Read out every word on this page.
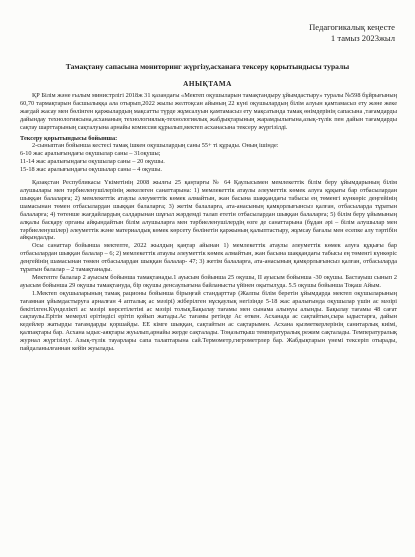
Педагогикалық кеңесте
1 тамыз 2023жыл
Тамақтану сапасына мониторинг жүргізу,асханаға тексеру қорытындысы туралы
АНЫҚТАМА

ҚР Білім және ғылым министрлігі 2018ж 31 қазандағы «Мектеп оқушыларын тамақтандыру ұйымдастыру» туралы №598 бұйрығының 60,70 тармақтарын басшылыққа ала отырып,2022 жылы желтоқсан айының 22 күні оқушылардың білім алуын қамтамасыз ету және жеке жағдай жасау мен бөлінген қаржылардың мақсатты түрде жұмсалуын қамтамасыз ету мақсатында тамақ өнімдерінің сапасына ,тағамдарды дайындау технологиясына,асхананың технологиялық-технологиялық жабдықтарының жарамдылығына,азық-түлік пен дайын тағамдарды сақтау шарттарының сақталуына арнайы комиссия құрылып,мектеп асханасына тексеру жүргізілді.

Тексеру қорытындысы бойынша:

2-сыныптан бойынша кестесі тамақ ішкен оқушылардың саны 55+ ті құрады. Оның ішінде:

6-10 жас аралығындағы оқушылар саны – 31оқушы;

11-14 жас аралығындағы оқушылар саны – 20 оқушы.

15-18 жас аралығындағы оқушылар саны – 4 оқушы.

Қазақстан Республикасы Үкіметінің 2008 жылғы 25 қаңтарғы № 64 Қаулысымен мемлекеттік білім беру ұйымдарының білім алушылары мен тәрбиеленушілерінің жекелеген санаттарына: 1) мемлекеттік атаулы әлеуметтік көмек алуға құқығы бар отбасылардан шыққан балаларға; 2) мемлекеттік атаулы әлеуметтік көмек алмайтын, жан басына шаққандағы табысы ең төменгі күнкөріс деңгейінің шамасынан төмен отбасылардан шыққан балаларға; 3) жетім балаларға, ата-анасының қамқорлығынсыз қалған, отбасыларда тұратын балаларға; 4) төтенше жағдайлардың салдарынан шұғыл жәрдемді талап ететін отбасылардан шыққан балаларға; 5) білім беру ұйымының алқалы басқару органы айқындайтын білім алушыларға мен тәрбиеленушілердің өзге де санаттарына (бұдан әрі – білім алушылар мен тәрбиеленушілер) әлеуметтік және материалдық көмек көрсету бөлінетін қаржының қалыптастыру, жұмсау бағалы мен есепке алу тәртібін айқындалды.

Осы санаттар бойынша мектепте, 2022 жылдың қаңтар айынан 1) мемлекеттік атаулы әлеуметтік көмек алуға құқығы бар отбасылардан шыққан балалар – 6; 2) мемлекеттік атаулы әлеуметтік көмек алмайтын, жан басына шаққандағы табысы ең төменгі күнкөріс деңгейінің шамасынан төмен отбасылардан шыққан балалар- 47; 3) жетім балаларға, ата-анасының қамқорлығынсыз қалған, отбасыларда тұратын балалар – 2 тамақтанады.

Мектепте балалар 2 ауысым бойынша тамақтанады.1 ауысым бойынша 25 оқушы, II ауысым бойынша -30 оқушы. Бастауыш сынып 2 ауысым бойынша 29 оқушы тамақтануда, бір оқушы денсаулығына байланысты үйінен оқытылуда. 5.5 оқушы бойынша Тоқаш Айым.

1.Мектеп оқушыларының тамақ рационы бойынша бірыңғай стандарттар (Жалпы білім беретін ұйымдарда мектеп оқушыларының тағамнан ұйымдастыруға арналған 4 апталық ас мәзірі) жіберілген нұсқаулық негізінде 5-18 жас аралығында оқушылар үшін ас мәзірі бекітілген.Күнделікті ас мәзірі көрсетілетіні ас мәзірі толық.Бақылау тағамы мен сынама алынуы алынды. Бақылау тағамы 48 сағат сақтаулы.Ерітін мемерлі ерітіндісі ерітіп қойып жатады.Ас тағамы ретінде Ас өткен. Асханада ас сақтайтын,сыра ыдыстарға, дайын кедейлер жатырды тағамдарды қоршайды. ЕЕ кімге шыққан, сақтайтын ас сақтарымен. Асхана қызметкерлерінің санитарлық киімі, қалпақтары бар. Асхана ыдыс-аяқтары жуылып,арнайы жерде сақталады. Тоңазытқыш температуралық режим сақталады. Температуралық журнал жүргізілуі. Азық-түлік тауарлары сапа талаптарына сай.Термометр,гигрометрлер бар. Жабдықтарын үнемі тексеріп отырады, пайдаланылғаннан кейін жуылады.
